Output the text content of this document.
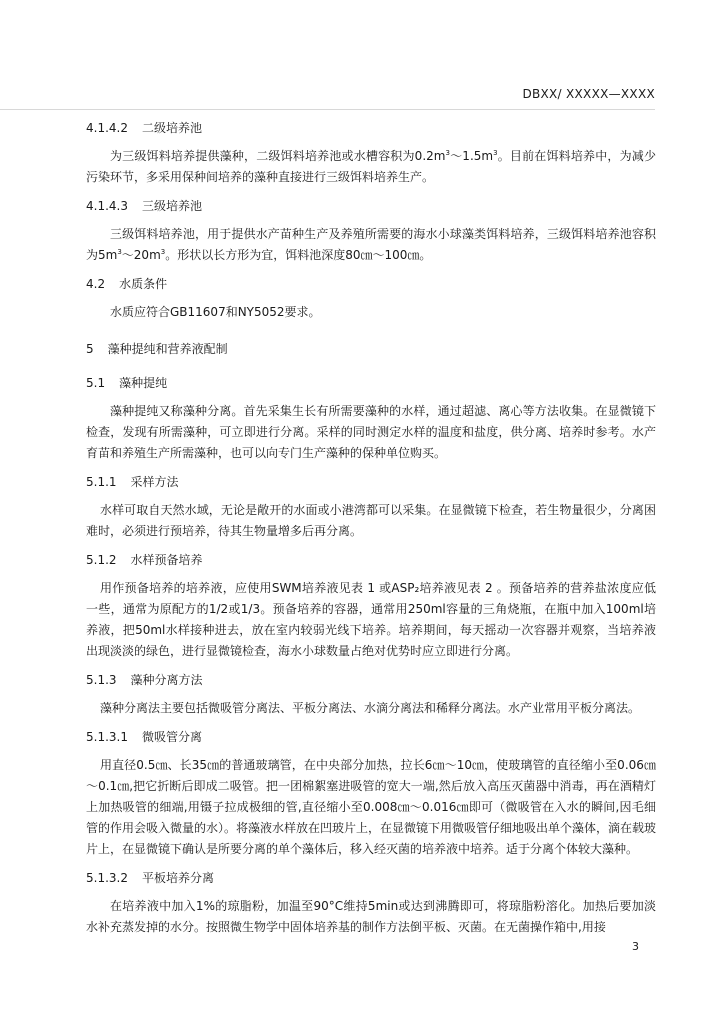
DBXX/ XXXXX—XXXX
4.1.4.2 二级培养池

为三级饵料培养提供藻种，二级饵料培养池或水槽容积为$0.2m^3\sim 1.5m^3$。目前在饵料培养中，为减少污染环节，多采用保种间培养的藻种直接进行三级饵料培养生产。

4.1.4.3 三级培养池

三级饵料培养池，用于提供水产苗种生产及养殖所需要的海水小球藻类饵料培养，三级饵料培养池容积为$5m^3\sim 20m^3$。形状以长方形为宜，饵料池深度80㎝～100㎝。

4.2 水质条件

水质应符合GB11607和NY5052要求。

5 藻种提纯和营养液配制
5.1 藻种提纯

藻种提纯又称藻种分离。首先采集生长有所需要藻种的水样，通过超滤、离心等方法收集。在显微镜下检查，发现有所需藻种，可立即进行分离。采样的同时测定水样的温度和盐度，供分离、培养时参考。水产育苗和养殖生产所需藻种，也可以向专门生产藻种的保种单位购买。

5.1.1 采样方法

水样可取自天然水域，无论是敞开的水面或小港湾都可以采集。在显微镜下检查，若生物量很少，分离困难时，必须进行预培养，待其生物量增多后再分离。

5.1.2 水样预备培养

用作预备培养的培养液，应使用SWM培养液见表 1 或ASP₂培养液见表 2 。预备培养的营养盐浓度应低一些，通常为原配方的1/2或1/3。预备培养的容器，通常用250ml容量的三角烧瓶，在瓶中加入100ml培养液，把50ml水样接种进去，放在室内较弱光线下培养。培养期间，每天摇动一次容器并观察，当培养液出现淡淡的绿色，进行显微镜检查，海水小球数量占绝对优势时应立即进行分离。

5.1.3 藻种分离方法

藻种分离法主要包括微吸管分离法、平板分离法、水滴分离法和稀释分离法。水产业常用平板分离法。

5.1.3.1 微吸管分离

用直径0.5㎝、长35㎝的普通玻璃管，在中央部分加热，拉长6㎝～10㎝，使玻璃管的直径缩小至0.06㎝～0.1㎝,把它折断后即成二吸管。把一团棉絮塞进吸管的宽大一端,然后放入高压灭菌器中消毒，再在酒精灯上加热吸管的细端,用镊子拉成极细的管,直径缩小至0.008㎝～0.016㎝即可（微吸管在入水的瞬间,因毛细管的作用会吸入微量的水）。将藻液水样放在凹玻片上，在显微镜下用微吸管仔细地吸出单个藻体，滴在载玻片上，在显微镜下确认是所要分离的单个藻体后，移入经灭菌的培养液中培养。适于分离个体较大藻种。

5.1.3.2 平板培养分离

在培养液中加入1%的琼脂粉，加温至90°C维持5min或达到沸腾即可，将琼脂粉溶化。加热后要加淡水补充蒸发掉的水分。按照微生物学中固体培养基的制作方法倒平板、灭菌。在无菌操作箱中,用接

3
